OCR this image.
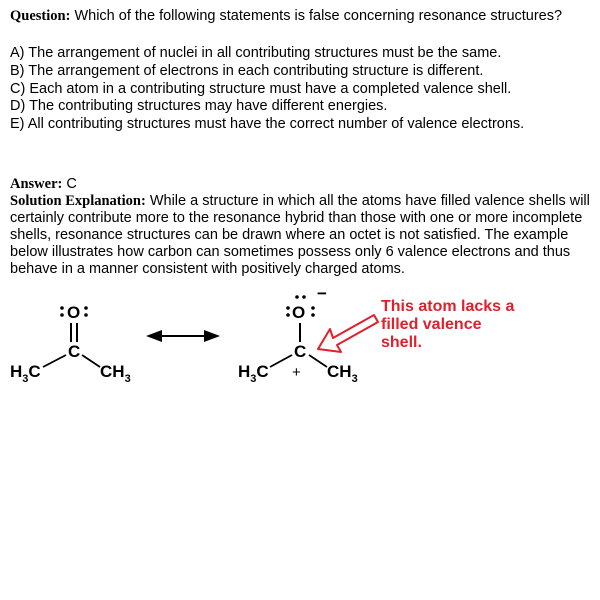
Question: Which of the following statements is false concerning resonance structures?
A) The arrangement of nuclei in all contributing structures must be the same.
B) The arrangement of electrons in each contributing structure is different.
C) Each atom in a contributing structure must have a completed valence shell.
D) The contributing structures may have different energies.
E) All contributing structures must have the correct number of valence electrons.
Answer: C
Solution Explanation: While a structure in which all the atoms have filled valence shells will certainly contribute more to the resonance hybrid than those with one or more incomplete shells, resonance structures can be drawn where an octet is not satisfied. The example below illustrates how carbon can sometimes possess only 6 valence electrons and thus behave in a manner consistent with positively charged atoms.
O
C
$H_3C$	$CH_3$
O
−
C
$H_3C + CH_3$
This atom lacks a
filled valence
shell.
